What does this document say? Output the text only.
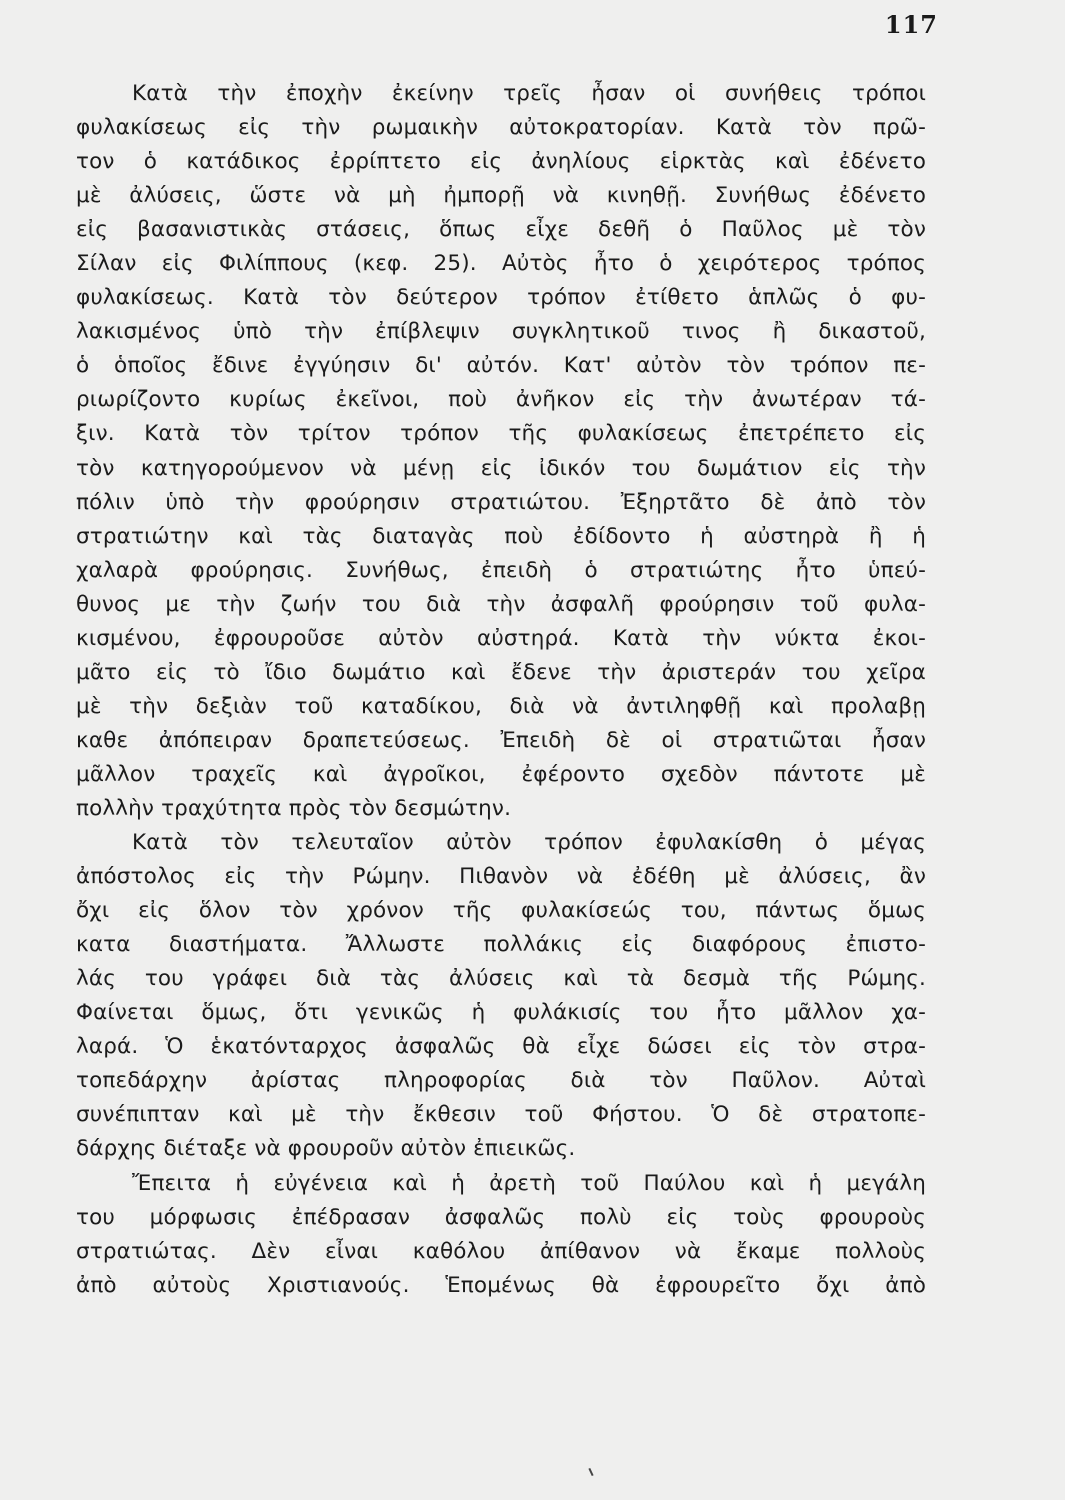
117
Κατὰ τὴν ἐποχὴν ἐκείνην τρεῖς ἦσαν οἱ συνήθεις τρόποι
φυλακίσεως εἰς τὴν ρωμαικὴν αὐτοκρατορίαν. Κατὰ τὸν πρῶ-
τον ὁ κατάδικος ἐρρίπτετο εἰς ἀνηλίους εἱρκτὰς καὶ ἐδένετο
μὲ ἀλύσεις, ὥστε νὰ μὴ ἠμπορῇ νὰ κινηθῇ. Συνήθως ἐδένετο
εἰς βασανιστικὰς στάσεις, ὅπως εἶχε δεθῆ ὁ Παῦλος μὲ τὸν
Σίλαν εἰς Φιλίππους (κεφ. 25). Αὐτὸς ἦτο ὁ χειρότερος τρόπος
φυλακίσεως. Κατὰ τὸν δεύτερον τρόπον ἐτίθετο ἁπλῶς ὁ φυ-
λακισμένος ὑπὸ τὴν ἐπίβλεψιν συγκλητικοῦ τινος ἢ δικαστοῦ,
ὁ ὁποῖος ἔδινε ἐγγύησιν δι' αὐτόν. Κατ' αὐτὸν τὸν τρόπον πε-
ριωρίζοντο κυρίως ἐκεῖνοι, ποὺ ἀνῆκον εἰς τὴν ἀνωτέραν τά-
ξιν. Κατὰ τὸν τρίτον τρόπον τῆς φυλακίσεως ἐπετρέπετο εἰς
τὸν κατηγορούμενον νὰ μένῃ εἰς ἰδικόν του δωμάτιον εἰς τὴν
πόλιν ὑπὸ τὴν φρούρησιν στρατιώτου. Ἐξηρτᾶτο δὲ ἀπὸ τὸν
στρατιώτην καὶ τὰς διαταγὰς ποὺ ἐδίδοντο ἡ αὐστηρὰ ἢ ἡ
χαλαρὰ φρούρησις. Συνήθως, ἐπειδὴ ὁ στρατιώτης ἦτο ὑπεύ-
θυνος με τὴν ζωήν του διὰ τὴν ἀσφαλῆ φρούρησιν τοῦ φυλα-
κισμένου, ἐφρουροῦσε αὐτὸν αὐστηρά. Κατὰ τὴν νύκτα ἐκοι-
μᾶτο εἰς τὸ ἴδιο δωμάτιο καὶ ἔδενε τὴν ἀριστεράν του χεῖρα
μὲ τὴν δεξιὰν τοῦ καταδίκου, διὰ νὰ ἀντιληφθῇ καὶ προλαβῃ
καθε ἀπόπειραν δραπετεύσεως. Ἐπειδὴ δὲ οἱ στρατιῶται ἦσαν
μᾶλλον τραχεῖς καὶ ἀγροῖκοι, ἐφέροντο σχεδὸν πάντοτε μὲ
πολλὴν τραχύτητα πρὸς τὸν δεσμώτην.
Κατὰ τὸν τελευταῖον αὐτὸν τρόπον ἐφυλακίσθη ὁ μέγας
ἀπόστολος εἰς τὴν Ρώμην. Πιθανὸν νὰ ἐδέθη μὲ ἀλύσεις, ἂν
ὄχι εἰς ὅλον τὸν χρόνον τῆς φυλακίσεώς του, πάντως ὅμως
κατα διαστήματα. Ἄλλωστε πολλάκις εἰς διαφόρους ἐπιστο-
λάς του γράφει διὰ τὰς ἀλύσεις καὶ τὰ δεσμὰ τῆς Ρώμης.
Φαίνεται ὅμως, ὅτι γενικῶς ἡ φυλάκισίς του ἦτο μᾶλλον χα-
λαρά. Ὁ ἑκατόνταρχος ἀσφαλῶς θὰ εἶχε δώσει εἰς τὸν στρα-
τοπεδάρχην ἀρίστας πληροφορίας διὰ τὸν Παῦλον. Αὐταὶ
συνέπιπταν καὶ μὲ τὴν ἔκθεσιν τοῦ Φήστου. Ὁ δὲ στρατοπε-
δάρχης διέταξε νὰ φρουροῦν αὐτὸν ἐπιεικῶς.
Ἔπειτα ἡ εὐγένεια καὶ ἡ ἀρετὴ τοῦ Παύλου καὶ ἡ μεγάλη
του μόρφωσις ἐπέδρασαν ἀσφαλῶς πολὺ εἰς τοὺς φρουροὺς
στρατιώτας. Δὲν εἶναι καθόλου ἀπίθανον νὰ ἔκαμε πολλοὺς
ἀπὸ αὐτοὺς Χριστιανούς. Ἑπομένως θὰ ἐφρουρεῖτο ὄχι ἀπὸ
